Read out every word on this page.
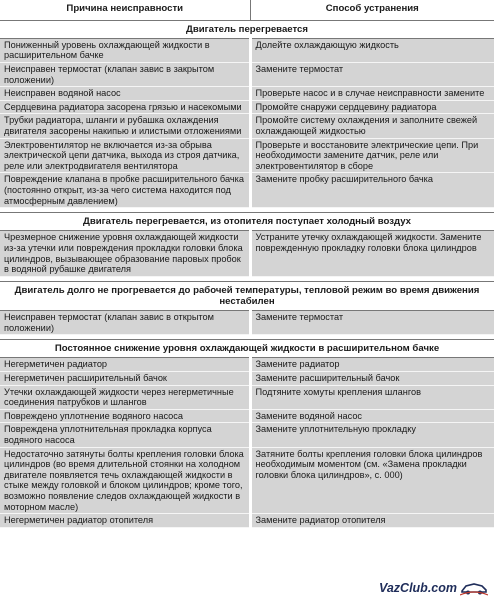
Причина неисправности	Способ устранения
Двигатель перегревается	
Пониженный уровень охлаждающей жидкости в расширительном бачке	Долейте охлаждающую жидкость
Неисправен термостат (клапан завис в закрытом положении)	Замените термостат
Неисправен водяной насос	Проверьте насос и в случае неисправности замените
Сердцевина радиатора засорена грязью и насекомыми	Промойте снаружи сердцевину радиатора
Трубки радиатора, шланги и рубашка охлаждения двигателя засорены накипью и илистыми отложениями	Промойте систему охлаждения и заполните свежей охлаждающей жидкостью
Электровентилятор не включается из-за обрыва электрической цепи датчика, выхода из строя датчика, реле или электродвигателя вентилятора	Проверьте и восстановите электрические цепи. При необходимости замените датчик, реле или электровентилятор в сборе
Повреждение клапана в пробке расширительного бачка (постоянно открыт, из-за чего система находится под атмосферным давлением)	Замените пробку расширительного бачка

Двигатель перегревается, из отопителя поступает холодный воздух	
Чрезмерное снижение уровня охлаждающей жидкости из-за утечки или повреждения прокладки головки блока цилиндров, вызывающее образование паровых пробок в водяной рубашке двигателя	Устраните утечку охлаждающей жидкости. Замените поврежденную прокладку головки блока цилиндров

Двигатель долго не прогревается до рабочей температуры, тепловой режим во время движения нестабилен	
Неисправен термостат (клапан завис в открытом положении)	Замените термостат

Постоянное снижение уровня охлаждающей жидкости в расширительном бачке	
Негерметичен радиатор	Замените радиатор
Негерметичен расширительный бачок	Замените расширительный бачок
Утечки охлаждающей жидкости через негерметичные соединения патрубков и шлангов	Подтяните хомуты крепления шлангов
Повреждено уплотнение водяного насоса	Замените водяной насос
Повреждена уплотнительная прокладка корпуса водяного насоса	Замените уплотнительную прокладку
Недостаточно затянуты болты крепления головки блока цилиндров (во время длительной стоянки на холодном двигателе появляется течь охлаждающей жидкости в стыке между головкой и блоком цилиндров; кроме того, возможно появление следов охлаждающей жидкости в моторном масле)	Затяните болты крепления головки блока цилиндров необходимым моментом (см. «Замена прокладки головки блока цилиндров», с. 000)
Негерметичен радиатор отопителя	Замените радиатор отопителя
VazClub.com
